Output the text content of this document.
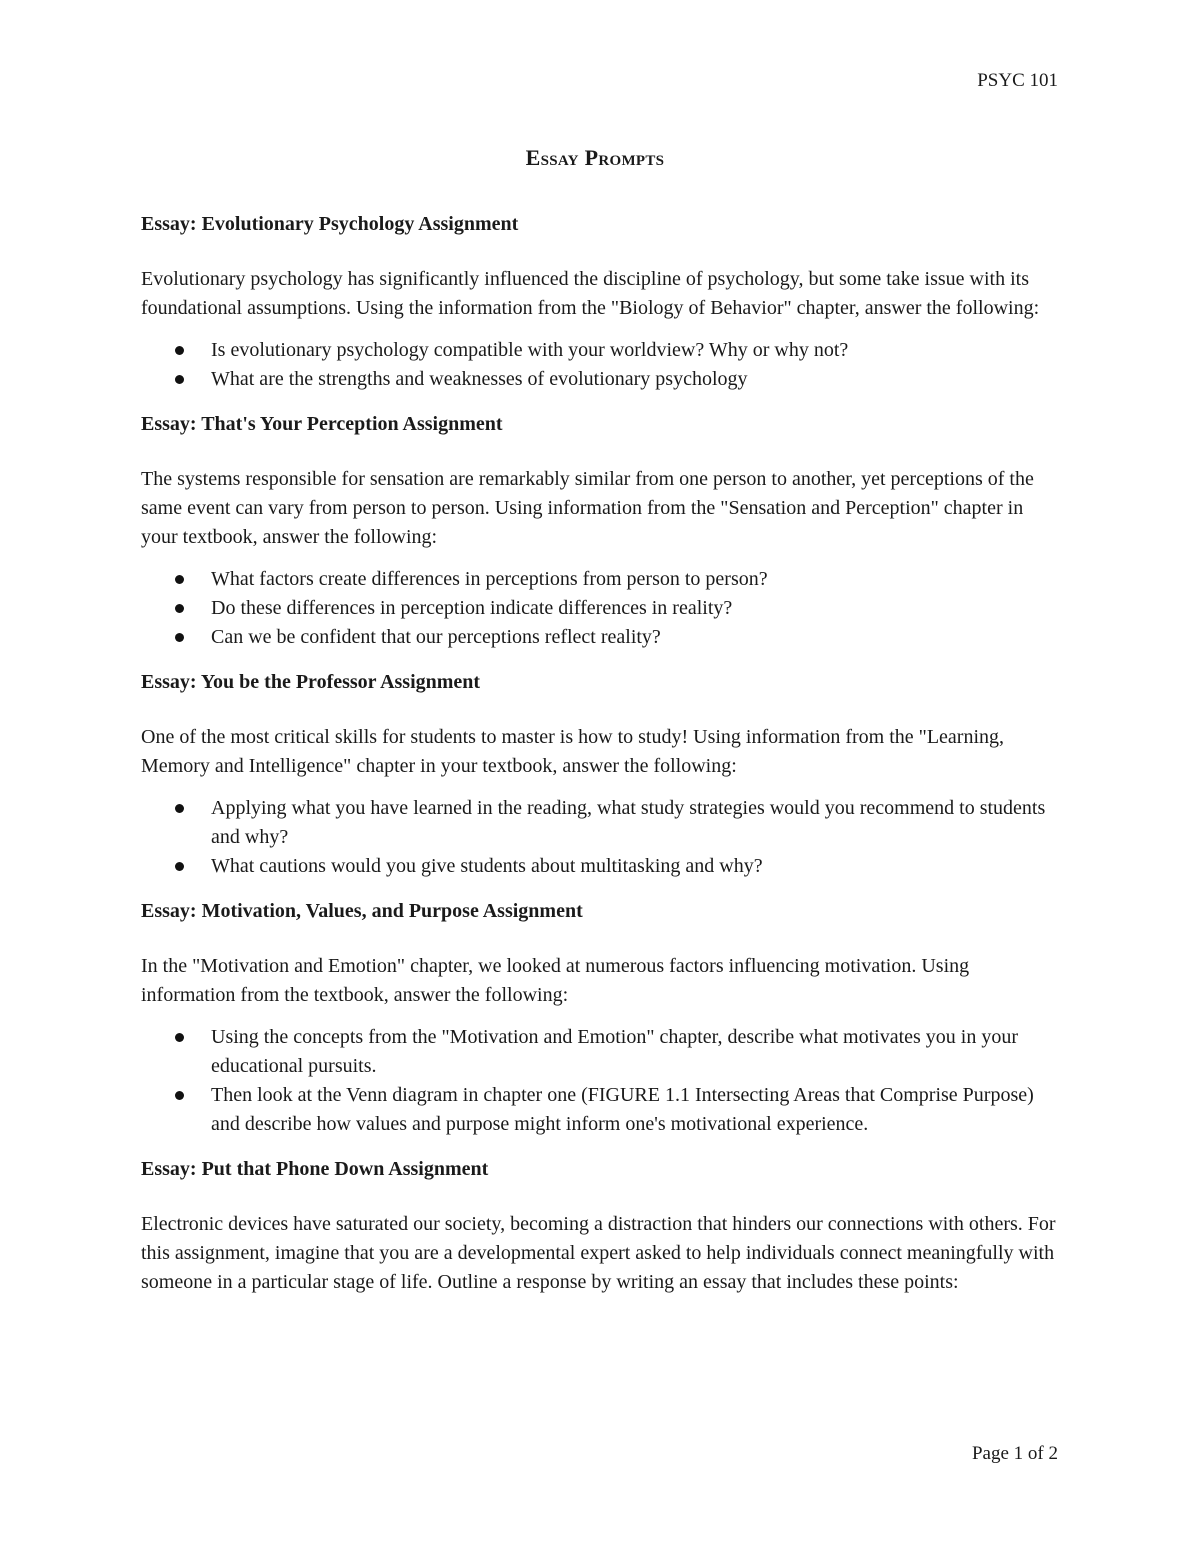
PSYC 101
Essay Prompts
Essay: Evolutionary Psychology Assignment
Evolutionary psychology has significantly influenced the discipline of psychology, but some take issue with its foundational assumptions. Using the information from the "Biology of Behavior" chapter, answer the following:
Is evolutionary psychology compatible with your worldview? Why or why not?
What are the strengths and weaknesses of evolutionary psychology
Essay: That's Your Perception Assignment
The systems responsible for sensation are remarkably similar from one person to another, yet perceptions of the same event can vary from person to person. Using information from the "Sensation and Perception" chapter in your textbook, answer the following:
What factors create differences in perceptions from person to person?
Do these differences in perception indicate differences in reality?
Can we be confident that our perceptions reflect reality?
Essay: You be the Professor Assignment
One of the most critical skills for students to master is how to study! Using information from the "Learning, Memory and Intelligence" chapter in your textbook, answer the following:
Applying what you have learned in the reading, what study strategies would you recommend to students and why?
What cautions would you give students about multitasking and why?
Essay: Motivation, Values, and Purpose Assignment
In the "Motivation and Emotion" chapter, we looked at numerous factors influencing motivation. Using information from the textbook, answer the following:
Using the concepts from the "Motivation and Emotion" chapter, describe what motivates you in your educational pursuits.
Then look at the Venn diagram in chapter one (FIGURE 1.1 Intersecting Areas that Comprise Purpose) and describe how values and purpose might inform one's motivational experience.
Essay: Put that Phone Down Assignment
Electronic devices have saturated our society, becoming a distraction that hinders our connections with others. For this assignment, imagine that you are a developmental expert asked to help individuals connect meaningfully with someone in a particular stage of life. Outline a response by writing an essay that includes these points:
Page 1 of 2
